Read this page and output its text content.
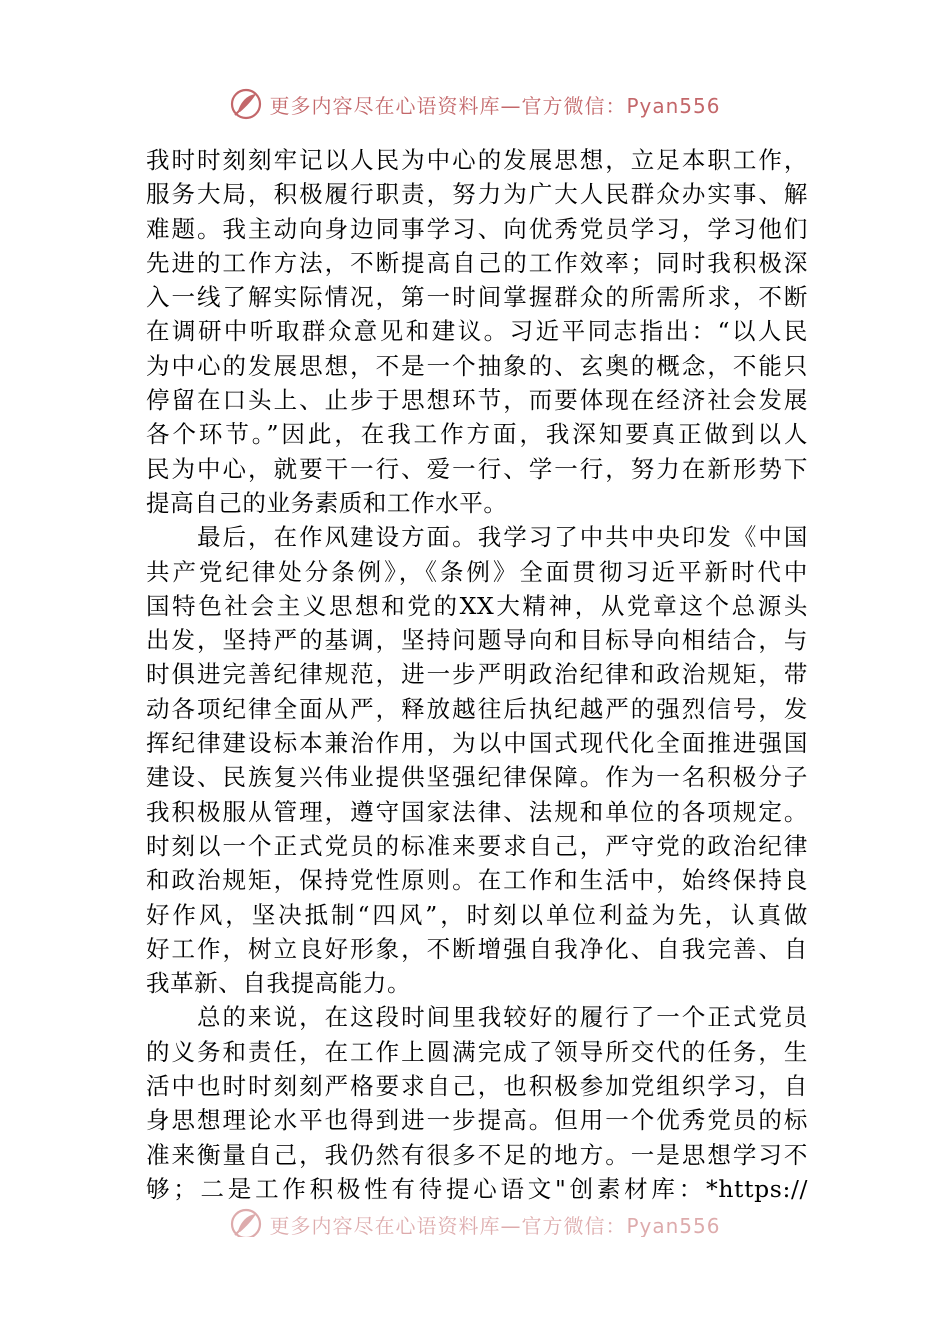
更多内容尽在心语资料库—官方微信：Pyan556
我时时刻刻牢记以人民为中心的发展思想，立足本职工作，
服务大局，积极履行职责，努力为广大人民群众办实事、解
难题。我主动向身边同事学习、向优秀党员学习，学习他们
先进的工作方法，不断提高自己的工作效率；同时我积极深
入一线了解实际情况，第一时间掌握群众的所需所求，不断
在调研中听取群众意见和建议。习近平同志指出：“以人民
为中心的发展思想，不是一个抽象的、玄奥的概念，不能只
停留在口头上、止步于思想环节，而要体现在经济社会发展
各个环节。”因此，在我工作方面，我深知要真正做到以人
民为中心，就要干一行、爱一行、学一行，努力在新形势下
提高自己的业务素质和工作水平。
　　最后，在作风建设方面。我学习了中共中央印发《中国
共产党纪律处分条例》，《条例》全面贯彻习近平新时代中
国特色社会主义思想和党的XX大精神，从党章这个总源头
出发，坚持严的基调，坚持问题导向和目标导向相结合，与
时俱进完善纪律规范，进一步严明政治纪律和政治规矩，带
动各项纪律全面从严，释放越往后执纪越严的强烈信号，发
挥纪律建设标本兼治作用，为以中国式现代化全面推进强国
建设、民族复兴伟业提供坚强纪律保障。作为一名积极分子
我积极服从管理，遵守国家法律、法规和单位的各项规定。
时刻以一个正式党员的标准来要求自己，严守党的政治纪律
和政治规矩，保持党性原则。在工作和生活中，始终保持良
好作风，坚决抵制“四风”，时刻以单位利益为先，认真做
好工作，树立良好形象，不断增强自我净化、自我完善、自
我革新、自我提高能力。
　　总的来说，在这段时间里我较好的履行了一个正式党员
的义务和责任，在工作上圆满完成了领导所交代的任务，生
活中也时时刻刻严格要求自己，也积极参加党组织学习，自
身思想理论水平也得到进一步提高。但用一个优秀党员的标
准来衡量自己，我仍然有很多不足的地方。一是思想学习不
够；二是工作积极性有待提心语文"创素材库：*https://
更多内容尽在心语资料库—官方微信：Pyan556
